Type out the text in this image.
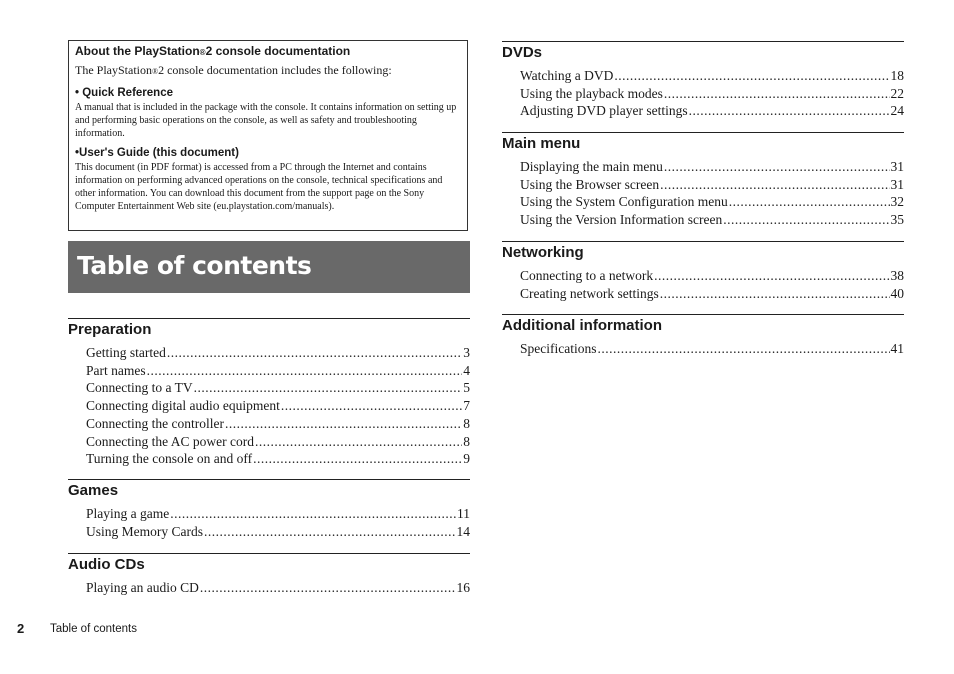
About the PlayStation®2 console documentation

The PlayStation®2 console documentation includes the following:

• Quick Reference

A manual that is included in the package with the console. It contains information on setting up and performing basic operations on the console, as well as safety and troubleshooting information.

•User's Guide (this document)

This document (in PDF format) is accessed from a PC through the Internet and contains information on performing advanced operations on the console, technical specifications and other information. You can download this document from the support page on the Sony Computer Entertainment Web site (eu.playstation.com/manuals).

Table of contents
Preparation
Getting started .....	3
Part names .....	4
Connecting to a TV .....	5
Connecting digital audio equipment .....	7
Connecting the controller .....	8
Connecting the AC power cord .....	8
Turning the console on and off .....	9
Games
Playing a game .....	11
Using Memory Cards .....	14
Audio CDs
Playing an audio CD .....	16
DVDs
Watching a DVD .....	18
Using the playback modes .....	22
Adjusting DVD player settings .....	24
Main menu
Displaying the main menu .....	31
Using the Browser screen .....	31
Using the System Configuration menu .....	32
Using the Version Information screen .....	35
Networking
Connecting to a network .....	38
Creating network settings .....	40
Additional information
Specifications .....	41
2 Table of contents
